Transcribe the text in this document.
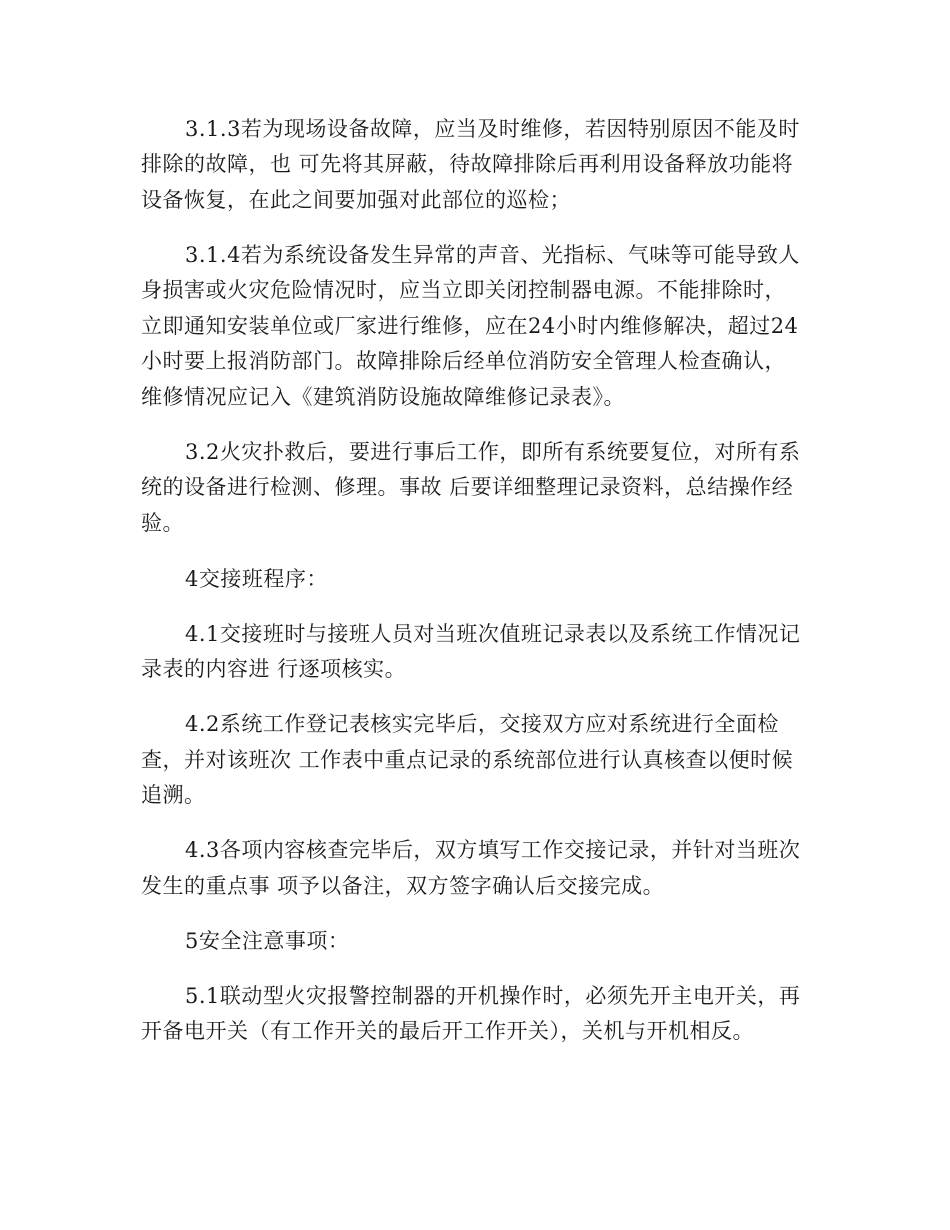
3.1.3若为现场设备故障，应当及时维修，若因特别原因不能及时

排除的故障，也 可先将其屏蔽，待故障排除后再利用设备释放功能将

设备恢复，在此之间要加强对此部位的巡检；

3.1.4若为系统设备发生异常的声音、光指标、气味等可能导致人

身损害或火灾危险情况时，应当立即关闭控制器电源。不能排除时，

立即通知安装单位或厂家进行维修，应在24小时内维修解决，超过24

小时要上报消防部门。故障排除后经单位消防安全管理人检查确认，

维修情况应记入《建筑消防设施故障维修记录表》。

3.2火灾扑救后，要进行事后工作，即所有系统要复位，对所有系

统的设备进行检测、修理。事故 后要详细整理记录资料，总结操作经

验。

4交接班程序：

4.1交接班时与接班人员对当班次值班记录表以及系统工作情况记

录表的内容进 行逐项核实。

4.2系统工作登记表核实完毕后，交接双方应对系统进行全面检

查，并对该班次 工作表中重点记录的系统部位进行认真核查以便时候

追溯。

4.3各项内容核查完毕后，双方填写工作交接记录，并针对当班次

发生的重点事 项予以备注，双方签字确认后交接完成。

5安全注意事项：

5.1联动型火灾报警控制器的开机操作时，必须先开主电开关，再

开备电开关（有工作开关的最后开工作开关），关机与开机相反。
